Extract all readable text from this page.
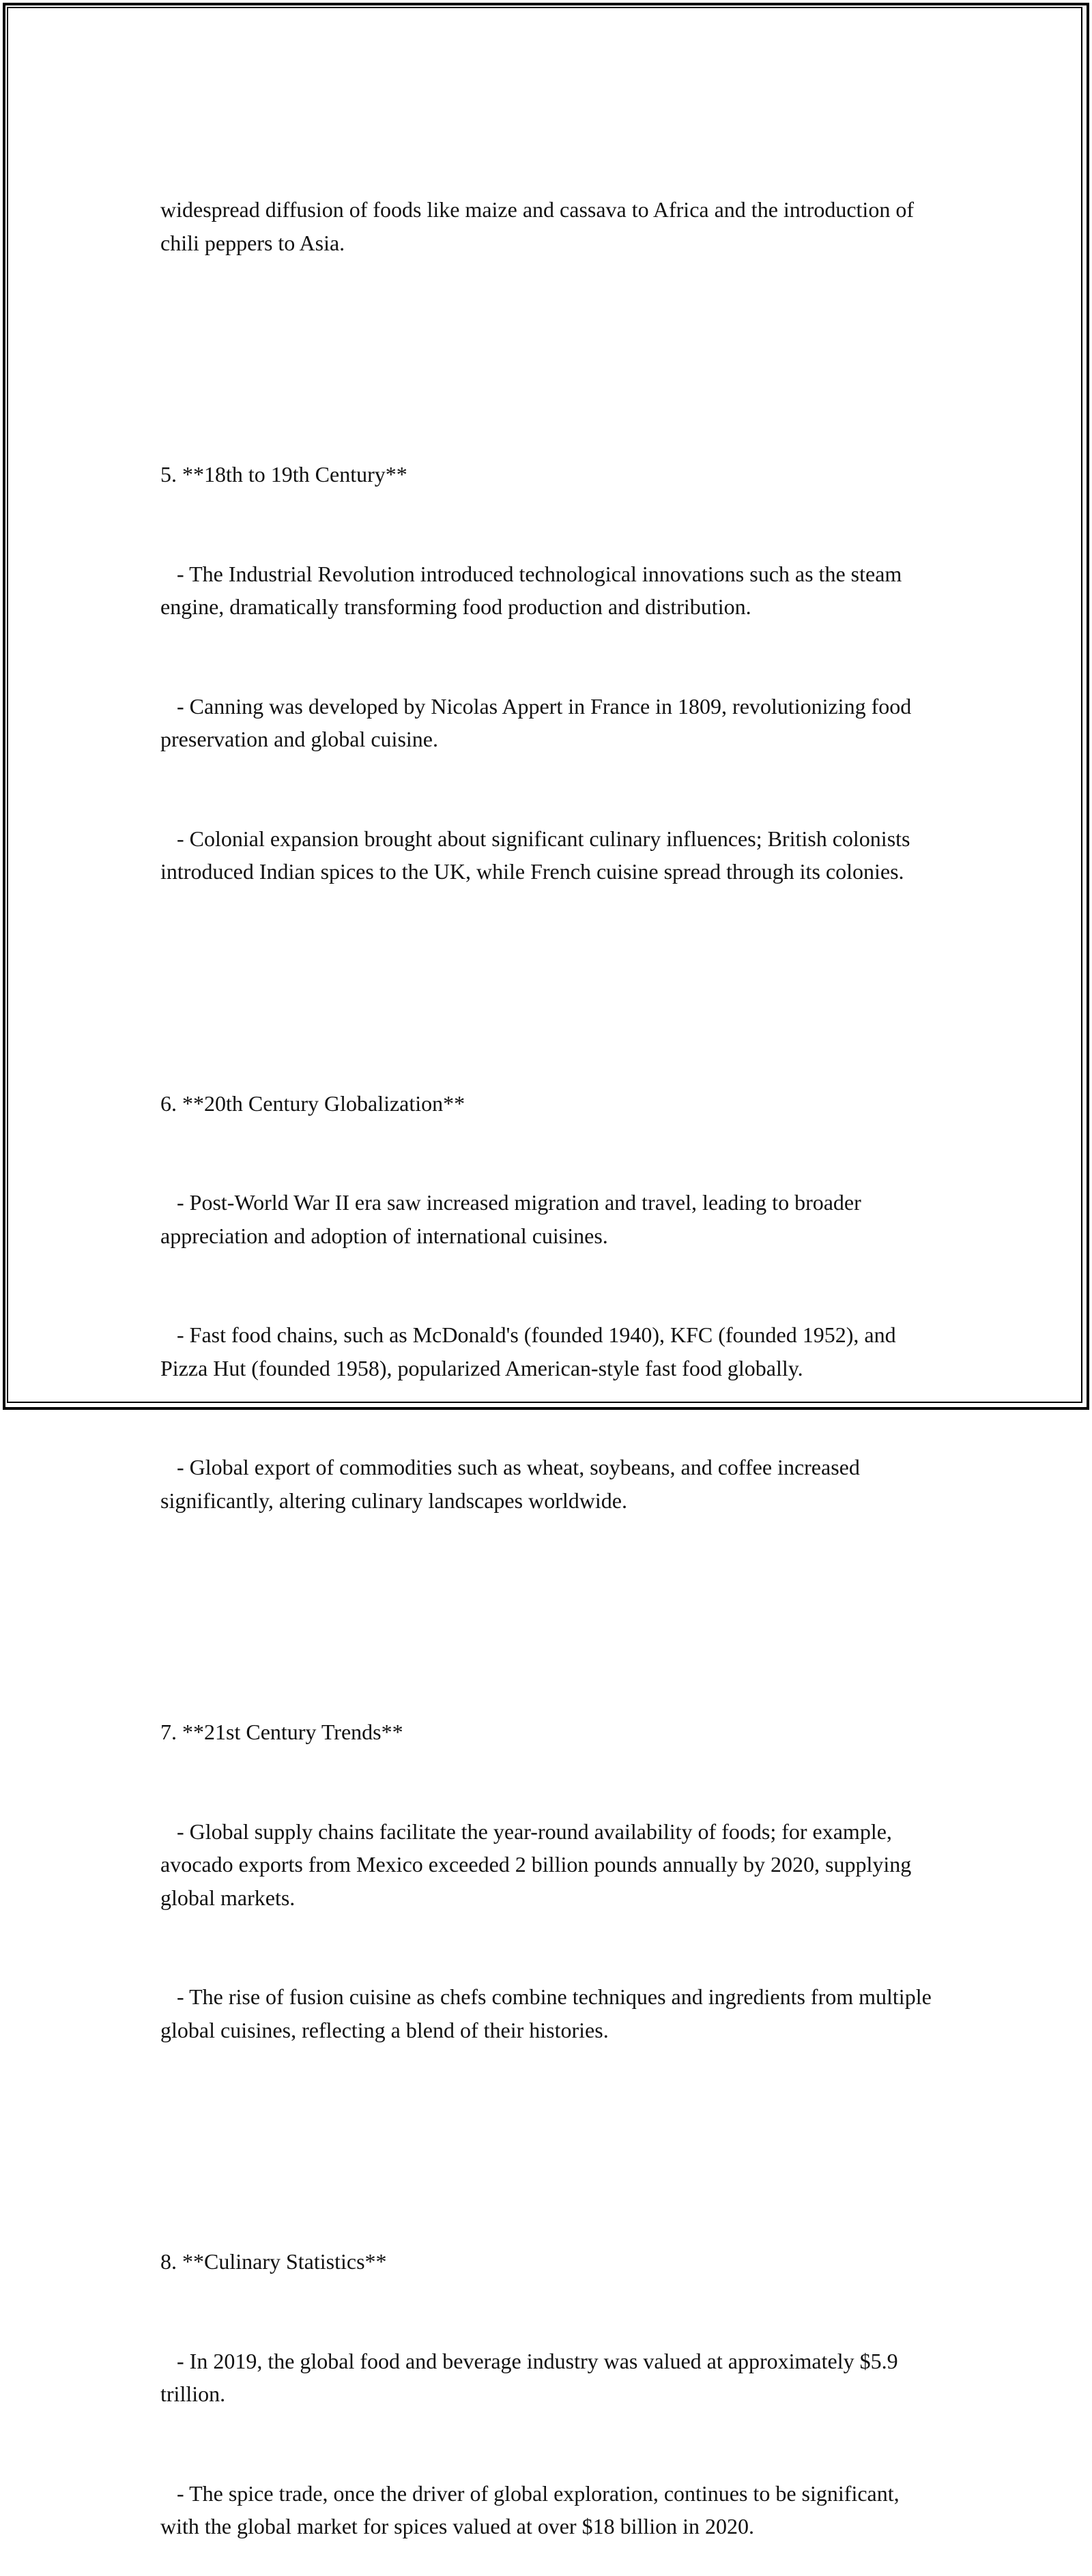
widespread diffusion of foods like maize and cassava to Africa and the introduction of chili peppers to Asia.

5. **18th to 19th Century**

- The Industrial Revolution introduced technological innovations such as the steam engine, dramatically transforming food production and distribution.

- Canning was developed by Nicolas Appert in France in 1809, revolutionizing food preservation and global cuisine.

- Colonial expansion brought about significant culinary influences; British colonists introduced Indian spices to the UK, while French cuisine spread through its colonies.

6. **20th Century Globalization**

- Post-World War II era saw increased migration and travel, leading to broader appreciation and adoption of international cuisines.

- Fast food chains, such as McDonald's (founded 1940), KFC (founded 1952), and Pizza Hut (founded 1958), popularized American-style fast food globally.

- Global export of commodities such as wheat, soybeans, and coffee increased significantly, altering culinary landscapes worldwide.

7. **21st Century Trends**

- Global supply chains facilitate the year-round availability of foods; for example, avocado exports from Mexico exceeded 2 billion pounds annually by 2020, supplying global markets.

- The rise of fusion cuisine as chefs combine techniques and ingredients from multiple global cuisines, reflecting a blend of their histories.

8. **Culinary Statistics**

- In 2019, the global food and beverage industry was valued at approximately $5.9 trillion.

- The spice trade, once the driver of global exploration, continues to be significant, with the global market for spices valued at over $18 billion in 2020.
